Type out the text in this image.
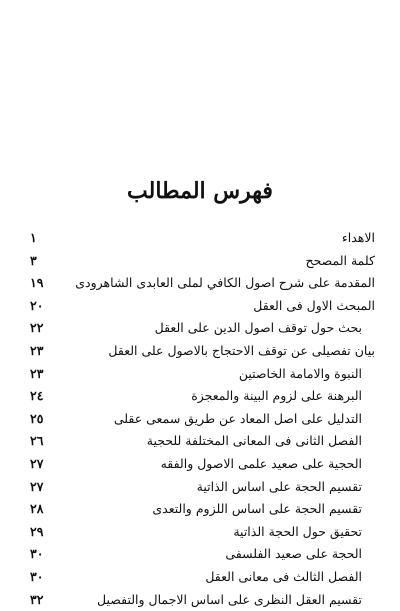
فهرس المطالب
الاهداء
١
كلمة المصحح
٣
المقدمة على شرح اصول الكافي لملى العابدى الشاهرودى
١٩
المبحث الاول فى العقل
٢٠
بحث حول توقف اصول الدين على العقل
٢٢
بيان تفصيلى عن توقف الاحتجاج بالاصول على العقل
٢٣
النبوة والامامة الخاصتين
٢٣
البرهنة على لزوم البينة والمعجزة
٢٤
التدليل على اصل المعاد عن طريق سمعى عقلى
٢٥
الفصل الثانى فى المعانى المختلفة للحجية
٢٦
الحجية على صعيد علمى الاصول والفقه
٢٧
تقسيم الحجة على اساس الذاتية
٢٧
تقسيم الحجة على اساس اللزوم والتعدى
٢٨
تحقيق حول الحجة الذاتية
٢٩
الحجة على صعيد الفلسفى
٣٠
الفصل الثالث فى معانى العقل
٣٠
تقسيم العقل النظرى على اساس الاجمال والتفصيل
٣٢
